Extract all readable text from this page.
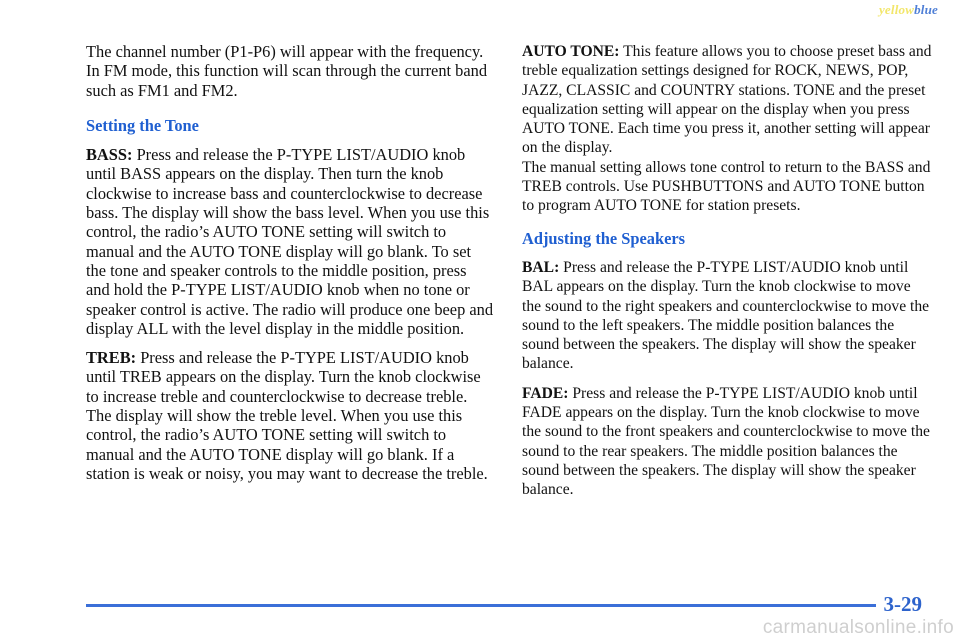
yellowblue

The channel number (P1-P6) will appear with the frequency. In FM mode, this function will scan through the current band such as FM1 and FM2.

Setting the Tone

BASS: Press and release the P-TYPE LIST/AUDIO knob until BASS appears on the display. Then turn the knob clockwise to increase bass and counterclockwise to decrease bass. The display will show the bass level. When you use this control, the radio’s AUTO TONE setting will switch to manual and the AUTO TONE display will go blank. To set the tone and speaker controls to the middle position, press and hold the P-TYPE LIST/AUDIO knob when no tone or speaker control is active. The radio will produce one beep and display ALL with the level display in the middle position.

TREB: Press and release the P-TYPE LIST/AUDIO knob until TREB appears on the display. Turn the knob clockwise to increase treble and counterclockwise to decrease treble. The display will show the treble level. When you use this control, the radio’s AUTO TONE setting will switch to manual and the AUTO TONE display will go blank. If a station is weak or noisy, you may want to decrease the treble.

AUTO TONE: This feature allows you to choose preset bass and treble equalization settings designed for ROCK, NEWS, POP, JAZZ, CLASSIC and COUNTRY stations. TONE and the preset equalization setting will appear on the display when you press AUTO TONE. Each time you press it, another setting will appear on the display.

The manual setting allows tone control to return to the BASS and TREB controls. Use PUSHBUTTONS and AUTO TONE button to program AUTO TONE for station presets.

Adjusting the Speakers

BAL: Press and release the P-TYPE LIST/AUDIO knob until BAL appears on the display. Turn the knob clockwise to move the sound to the right speakers and counterclockwise to move the sound to the left speakers. The middle position balances the sound between the speakers. The display will show the speaker balance.

FADE: Press and release the P-TYPE LIST/AUDIO knob until FADE appears on the display. Turn the knob clockwise to move the sound to the front speakers and counterclockwise to move the sound to the rear speakers. The middle position balances the sound between the speakers. The display will show the speaker balance.

3-29
carmanualsonline.info
